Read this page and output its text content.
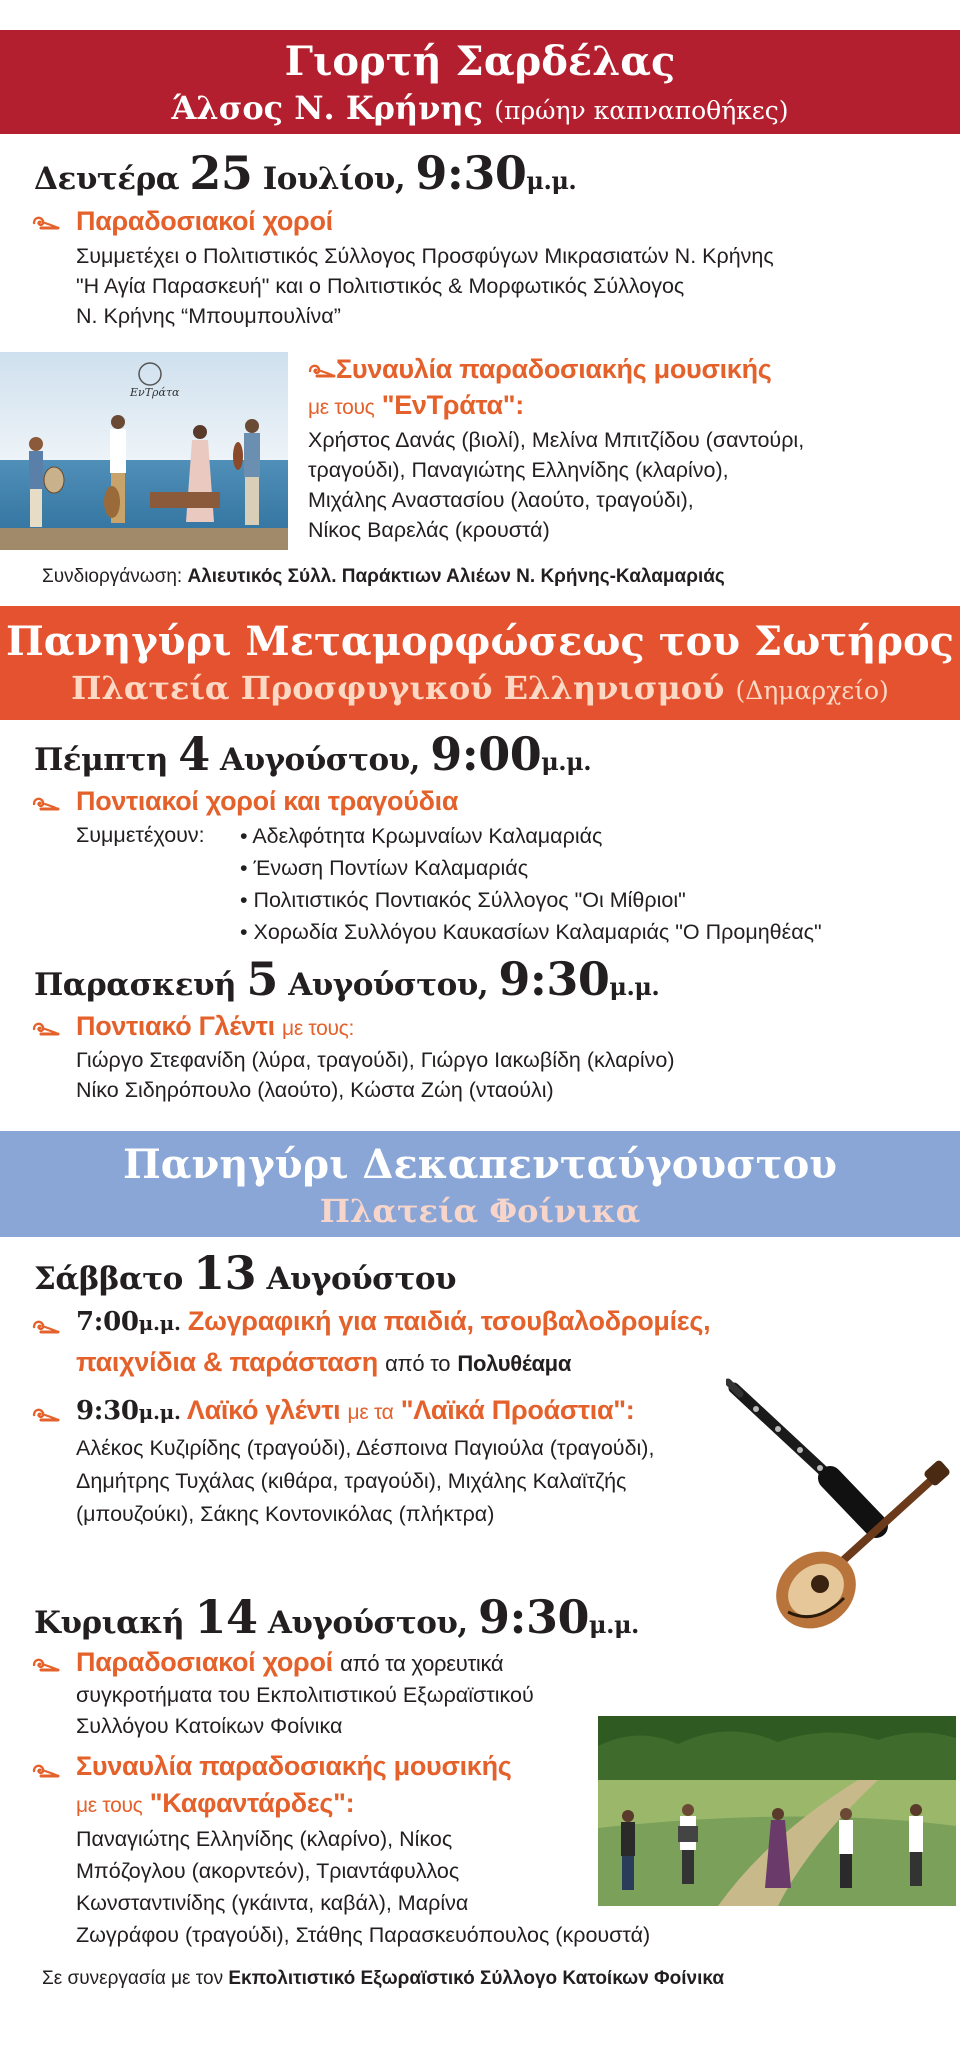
Γιορτή Σαρδέλας
Άλσος Ν. Κρήνης (πρώην καπναποθήκες)
Δευτέρα 25 Ιουλίου, 9:30μ.μ.
Παραδοσιακοί χοροί
Συμμετέχει ο Πολιτιστικός Σύλλογος Προσφύγων Μικρασιατών Ν. Κρήνης
"Η Αγία Παρασκευή" και ο Πολιτιστικός & Μορφωτικός Σύλλογος
Ν. Κρήνης “Μπουμπουλίνα”
ΕνΤράτα
Συναυλία παραδοσιακής μουσικής
με τους "ΕνΤράτα":
Χρήστος Δανάς (βιολί), Μελίνα Μπιτζίδου (σαντούρι,
τραγούδι), Παναγιώτης Ελληνίδης (κλαρίνο),
Μιχάλης Αναστασίου (λαούτο, τραγούδι),
Νίκος Βαρελάς (κρουστά)
Συνδιοργάνωση: Αλιευτικός Σύλλ. Παράκτιων Αλιέων Ν. Κρήνης-Καλαμαριάς
Πανηγύρι Μεταμορφώσεως του Σωτήρος
Πλατεία Προσφυγικού Ελληνισμού (Δημαρχείο)
Πέμπτη 4 Αυγούστου, 9:00μ.μ.
Ποντιακοί χοροί και τραγούδια
Συμμετέχουν: • Αδελφότητα Κρωμναίων Καλαμαριάς
• Ένωση Ποντίων Καλαμαριάς
• Πολιτιστικός Ποντιακός Σύλλογος "Οι Μίθριοι"
• Χορωδία Συλλόγου Καυκασίων Καλαμαριάς "Ο Προμηθέας"
Παρασκευή 5 Αυγούστου, 9:30μ.μ.
Ποντιακό Γλέντι με τους:
Γιώργο Στεφανίδη (λύρα, τραγούδι), Γιώργο Ιακωβίδη (κλαρίνο)
Νίκο Σιδηρόπουλο (λαούτο), Κώστα Ζώη (νταούλι)
Πανηγύρι Δεκαπενταύγουστου
Πλατεία Φοίνικα
Σάββατο 13 Αυγούστου
7:00μ.μ. Ζωγραφική για παιδιά, τσουβαλοδρομίες,
παιχνίδια & παράσταση από το Πολυθέαμα
9:30μ.μ. Λαϊκό γλέντι με τα "Λαϊκά Προάστια":
Αλέκος Κυζιρίδης (τραγούδι), Δέσποινα Παγιούλα (τραγούδι),
Δημήτρης Τυχάλας (κιθάρα, τραγούδι), Μιχάλης Καλαϊτζής
(μπουζούκι), Σάκης Κοντονικόλας (πλήκτρα)
Κυριακή 14 Αυγούστου, 9:30μ.μ.
Παραδοσιακοί χοροί από τα χορευτικά
συγκροτήματα του Εκπολιτιστικού Εξωραϊστικού
Συλλόγου Κατοίκων Φοίνικα
Συναυλία παραδοσιακής μουσικής
με τους "Καφαντάρδες":
Παναγιώτης Ελληνίδης (κλαρίνο), Νίκος
Μπόζογλου (ακορντεόν), Τριαντάφυλλος
Κωνσταντινίδης (γκάιντα, καβάλ), Μαρίνα
Ζωγράφου (τραγούδι), Στάθης Παρασκευόπουλος (κρουστά)
Σε συνεργασία με τον Εκπολιτιστικό Εξωραϊστικό Σύλλογο Κατοίκων Φοίνικα
